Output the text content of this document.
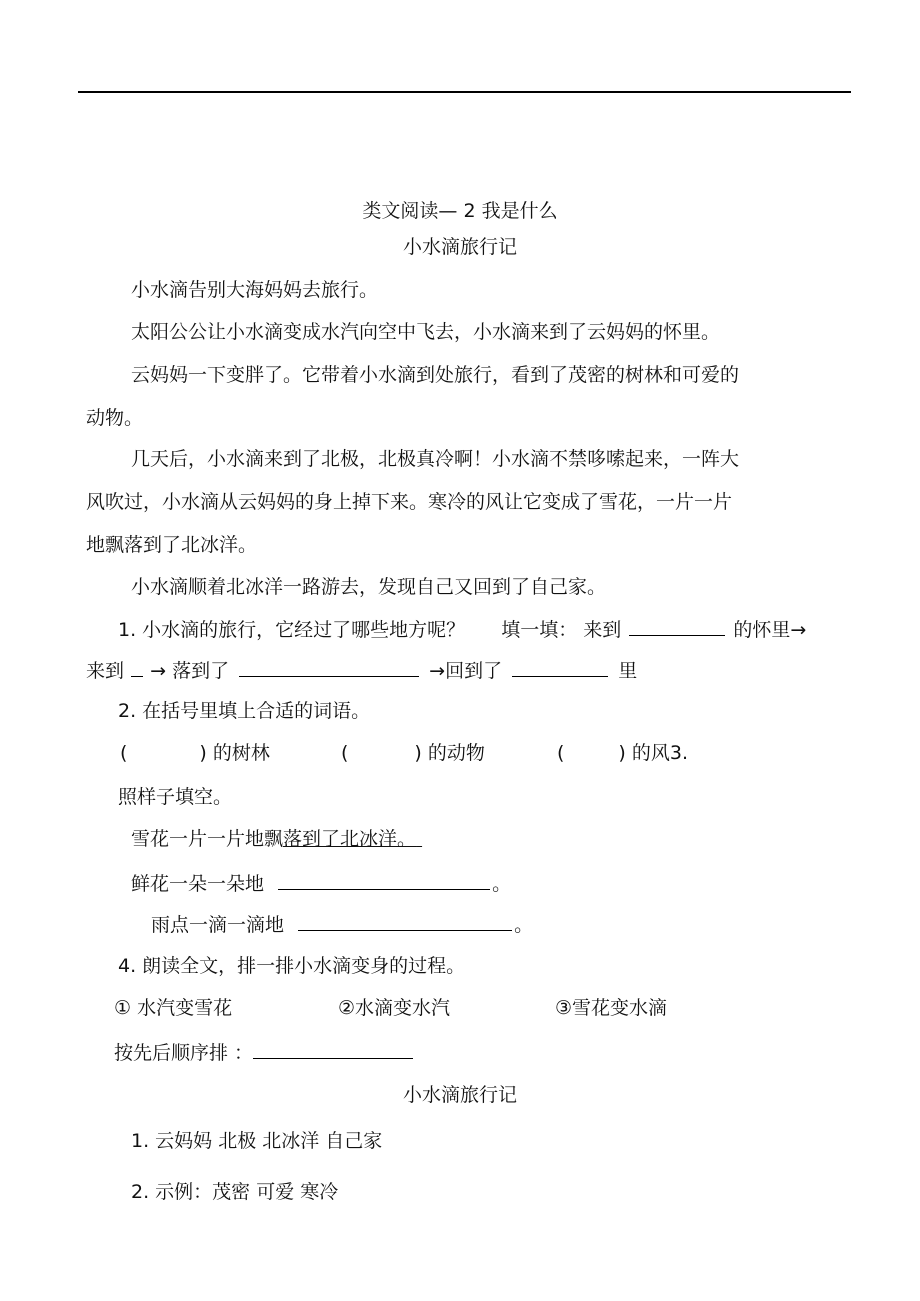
类文阅读— 2 我是什么
小水滴旅行记
小水滴告别大海妈妈去旅行。
太阳公公让小水滴变成水汽向空中飞去，小水滴来到了云妈妈的怀里。
云妈妈一下变胖了。它带着小水滴到处旅行，看到了茂密的树林和可爱的
动物。
几天后，小水滴来到了北极，北极真冷啊！小水滴不禁哆嗦起来，一阵大
风吹过，小水滴从云妈妈的身上掉下来。寒冷的风让它变成了雪花，一片一片
地飘落到了北冰洋。
小水滴顺着北冰洋一路游去，发现自己又回到了自己家。
1. 小水滴的旅行，它经过了哪些地方呢？ 填一填： 来到	的怀里→
来到 → 落到了	→回到了	里
2. 在括号里填上合适的词语。
(	) 的树林	(	) 的动物	(	) 的风3.
照样子填空。
雪花一片一片地飘落到了北冰洋。
鲜花一朵一朵地	。
雨点一滴一滴地	。
4. 朗读全文，排一排小水滴变身的过程。
① 水汽变雪花	②水滴变水汽	③雪花变水滴
按先后顺序排 ：
小水滴旅行记
1. 云妈妈 北极 北冰洋 自己家
2. 示例：茂密 可爱 寒冷
